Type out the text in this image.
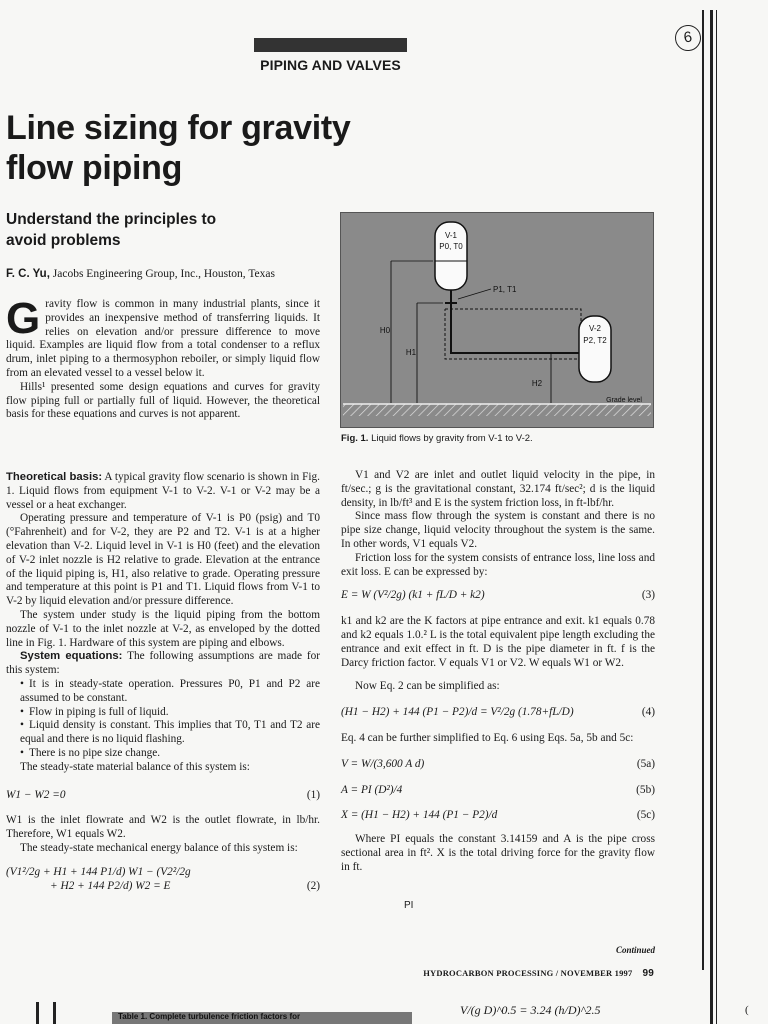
6
PIPING AND VALVES
Line sizing for gravity
flow piping
Understand the principles to
avoid problems
F. C. Yu, Jacobs Engineering Group, Inc., Houston, Texas

Gravity flow is common in many industrial plants, since it provides an inexpensive method of transferring liquids. It relies on elevation and/or pressure difference to move liquid. Examples are liquid flow from a total condenser to a reflux drum, inlet piping to a thermosyphon reboiler, or simply liquid flow from an elevated vessel to a vessel below it.

Hills¹ presented some design equations and curves for gravity flow piping full or partially full of liquid. However, the theoretical basis for these equations and curves is not apparent.

Theoretical basis: A typical gravity flow scenario is shown in Fig. 1. Liquid flows from equipment V-1 to V-2. V-1 or V-2 may be a vessel or a heat exchanger.

Operating pressure and temperature of V-1 is P0 (psig) and T0 (°Fahrenheit) and for V-2, they are P2 and T2. V-1 is at a higher elevation than V-2. Liquid level in V-1 is H0 (feet) and the elevation of V-2 inlet nozzle is H2 relative to grade. Elevation at the entrance of the liquid piping is, H1, also relative to grade. Operating pressure and temperature at this point is P1 and T1. Liquid flows from V-1 to V-2 by liquid elevation and/or pressure difference.

The system under study is the liquid piping from the bottom nozzle of V-1 to the inlet nozzle at V-2, as enveloped by the dotted line in Fig. 1. Hardware of this system are piping and elbows.

System equations: The following assumptions are made for this system:

• It is in steady-state operation. Pressures P0, P1 and P2 are assumed to be constant.

• Flow in piping is full of liquid.

• Liquid density is constant. This implies that T0, T1 and T2 are equal and there is no liquid flashing.

• There is no pipe size change.

The steady-state material balance of this system is:

W1 − W2 =0	(1)

W1 is the inlet flowrate and W2 is the outlet flowrate, in lb/hr. Therefore, W1 equals W2.

The steady-state mechanical energy balance of this system is:

(V1²/2g + H1 + 144 P1/d) W1 − (V2²/2g
+ H2 + 144 P2/d) W2 = E	(2)
V-1
P0, T0
P1, T1
V-2
P2, T2
H0
H1
H2
Grade level
Fig. 1. Liquid flows by gravity from V-1 to V-2.

V1 and V2 are inlet and outlet liquid velocity in the pipe, in ft/sec.; g is the gravitational constant, 32.174 ft/sec²; d is the liquid density, in lb/ft³ and E is the system friction loss, in ft-lbf/hr.

Since mass flow through the system is constant and there is no pipe size change, liquid velocity throughout the system is the same. In other words, V1 equals V2.

Friction loss for the system consists of entrance loss, line loss and exit loss. E can be expressed by:

E = W (V²/2g) (k1 + fL/D + k2)	(3)

k1 and k2 are the K factors at pipe entrance and exit. k1 equals 0.78 and k2 equals 1.0.² L is the total equivalent pipe length excluding the entrance and exit effect in ft. D is the pipe diameter in ft. f is the Darcy friction factor. V equals V1 or V2. W equals W1 or W2.

Now Eq. 2 can be simplified as:

(H1 − H2) + 144 (P1 − P2)/d = V²/2g (1.78+fL/D)	(4)

Eq. 4 can be further simplified to Eq. 6 using Eqs. 5a, 5b and 5c:

V = W/(3,600 A d)	(5a)
A = PI (D²)/4	(5b)
X = (H1 − H2) + 144 (P1 − P2)/d	(5c)

Where PI equals the constant 3.14159 and A is the pipe cross sectional area in ft². X is the total driving force for the gravity flow in ft.

PI
Continued
HYDROCARBON PROCESSING / NOVEMBER 1997 99
Table 1. Complete turbulence friction factors for	V/(g D)^0.5 = 3.24 (h/D)^2.5	(
